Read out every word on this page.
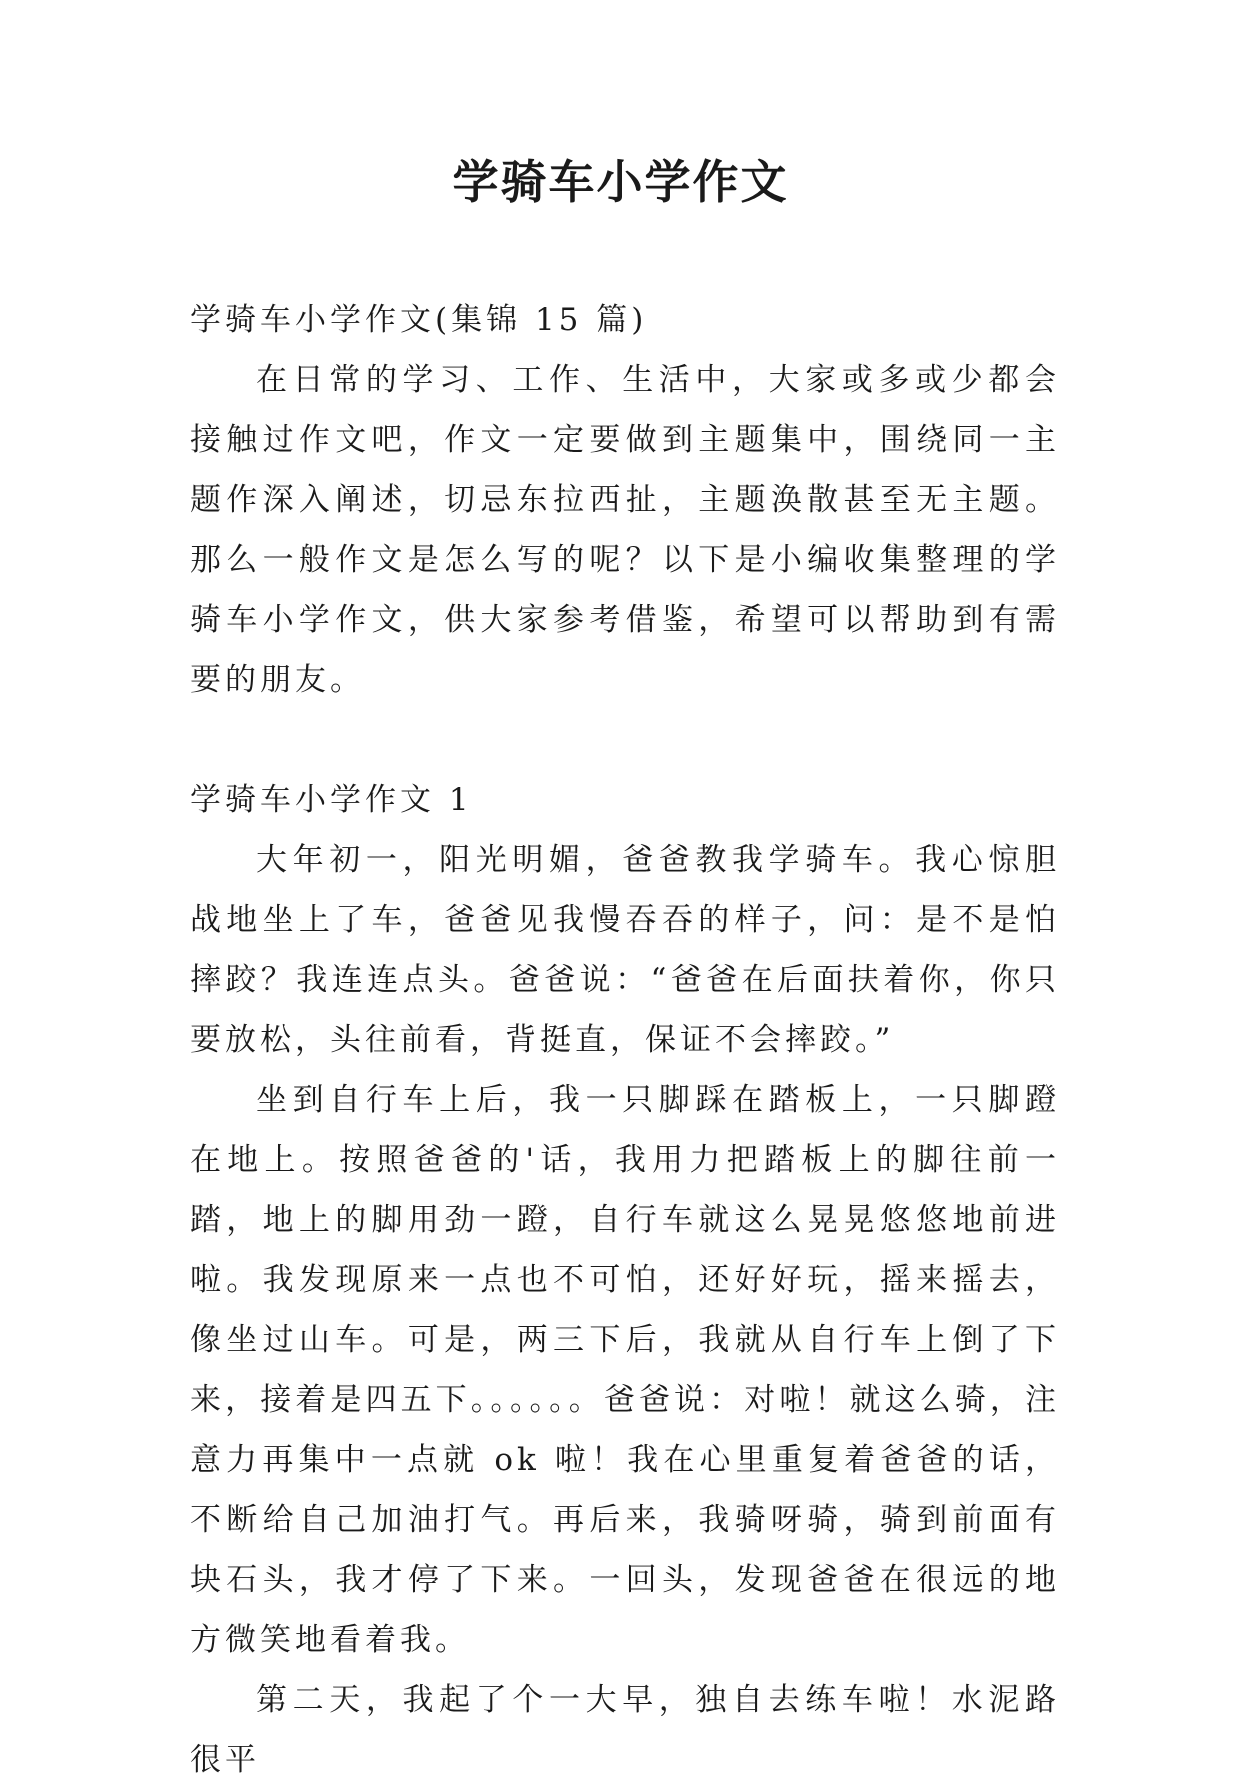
学骑车小学作文

学骑车小学作文(集锦 15 篇)

在日常的学习、工作、生活中，大家或多或少都会接触过作文吧，作文一定要做到主题集中，围绕同一主题作深入阐述，切忌东拉西扯，主题涣散甚至无主题。那么一般作文是怎么写的呢？以下是小编收集整理的学骑车小学作文，供大家参考借鉴，希望可以帮助到有需要的朋友。

学骑车小学作文 1

大年初一，阳光明媚，爸爸教我学骑车。我心惊胆战地坐上了车，爸爸见我慢吞吞的样子，问：是不是怕摔跤？我连连点头。爸爸说：“爸爸在后面扶着你，你只要放松，头往前看，背挺直，保证不会摔跤。”

坐到自行车上后，我一只脚踩在踏板上，一只脚蹬在地上。按照爸爸的'话，我用力把踏板上的脚往前一踏，地上的脚用劲一蹬，自行车就这么晃晃悠悠地前进啦。我发现原来一点也不可怕，还好好玩，摇来摇去，像坐过山车。可是，两三下后，我就从自行车上倒了下来，接着是四五下。。。。。。爸爸说：对啦！就这么骑，注意力再集中一点就 ok 啦！我在心里重复着爸爸的话，不断给自己加油打气。再后来，我骑呀骑，骑到前面有块石头，我才停了下来。一回头，发现爸爸在很远的地方微笑地看着我。

第二天，我起了个一大早，独自去练车啦！水泥路很平
